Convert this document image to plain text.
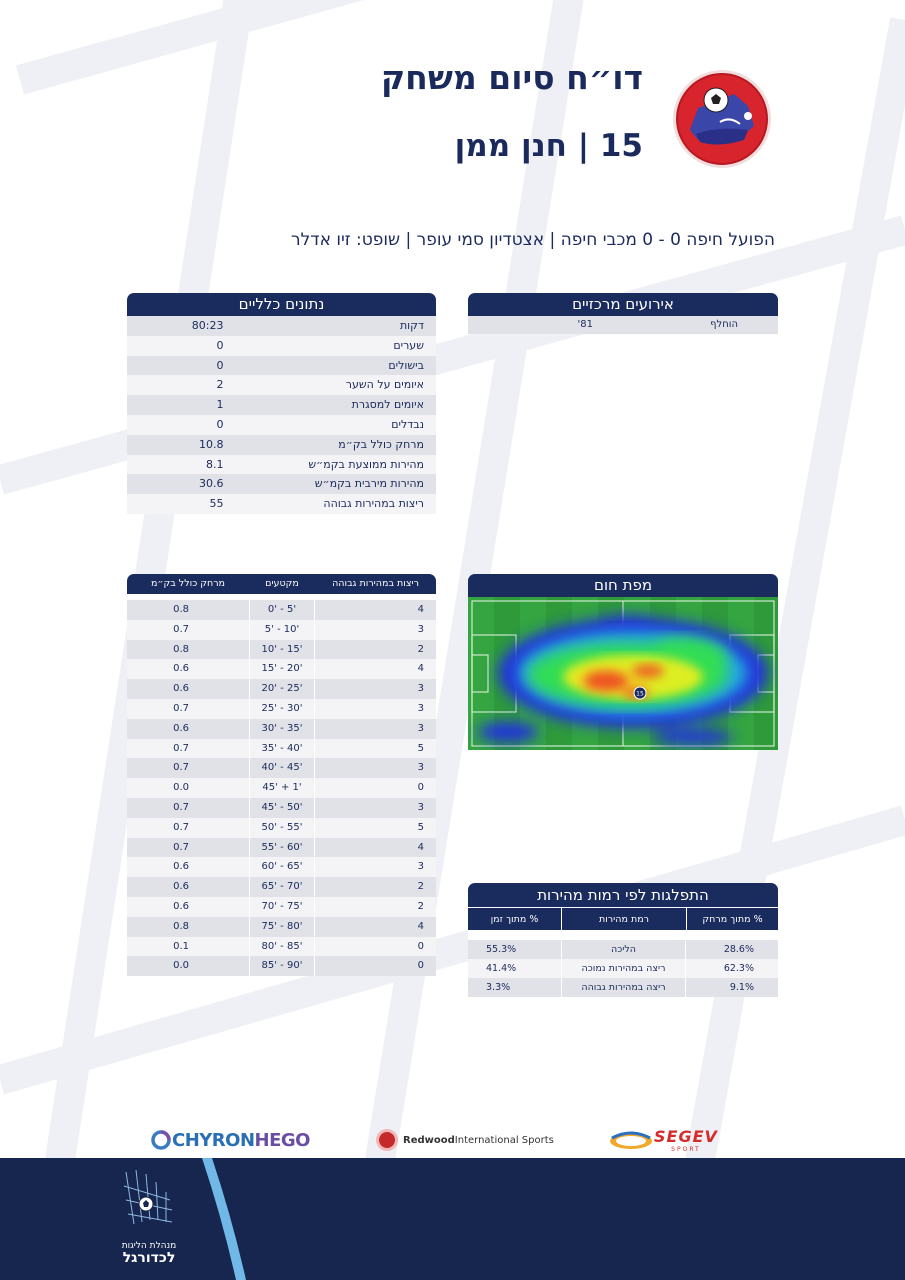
דו״ח סיום משחק
15 | חנן ממן
הפועל חיפה 0 - 0 מכבי חיפה | אצטדיון סמי עופר | שופט: זיו אדלר
נתונים כלליים
דקות
80:23
שערים
0
בישולים
0
איומים על השער
2
איומים למסגרת
1
נבדלים
0
מרחק כולל בק״מ
10.8
מהירות ממוצעת בקמ״ש
8.1
מהירות מירבית בקמ״ש
30.6
ריצות במהירות גבוהה
55
אירועים מרכזיים
הוחלף
81'
ריצות במהירות גבוהה
מקטעים
מרחק כולל בק״מ
4
0' - 5'
0.8
3
5' - 10'
0.7
2
10' - 15'
0.8
4
15' - 20'
0.6
3
20' - 25'
0.6
3
25' - 30'
0.7
3
30' - 35'
0.6
5
35' - 40'
0.7
3
40' - 45'
0.7
0
45' + 1'
0.0
3
45' - 50'
0.7
5
50' - 55'
0.7
4
55' - 60'
0.7
3
60' - 65'
0.6
2
65' - 70'
0.6
2
70' - 75'
0.6
4
75' - 80'
0.8
0
80' - 85'
0.1
0
85' - 90'
0.0
מפת חום
15
התפלגות לפי רמות מהירות
% מתוך מרחק
רמת מהירות
% מתוך זמן
28.6%
הליכה
55.3%
62.3%
ריצה במהירות נמוכה
41.4%
9.1%
ריצה במהירות גבוהה
3.3%
CHYRON HEGO	Redwood International Sports	SEGEV
SPORT
מנהלת הליגות
לכדורגל
